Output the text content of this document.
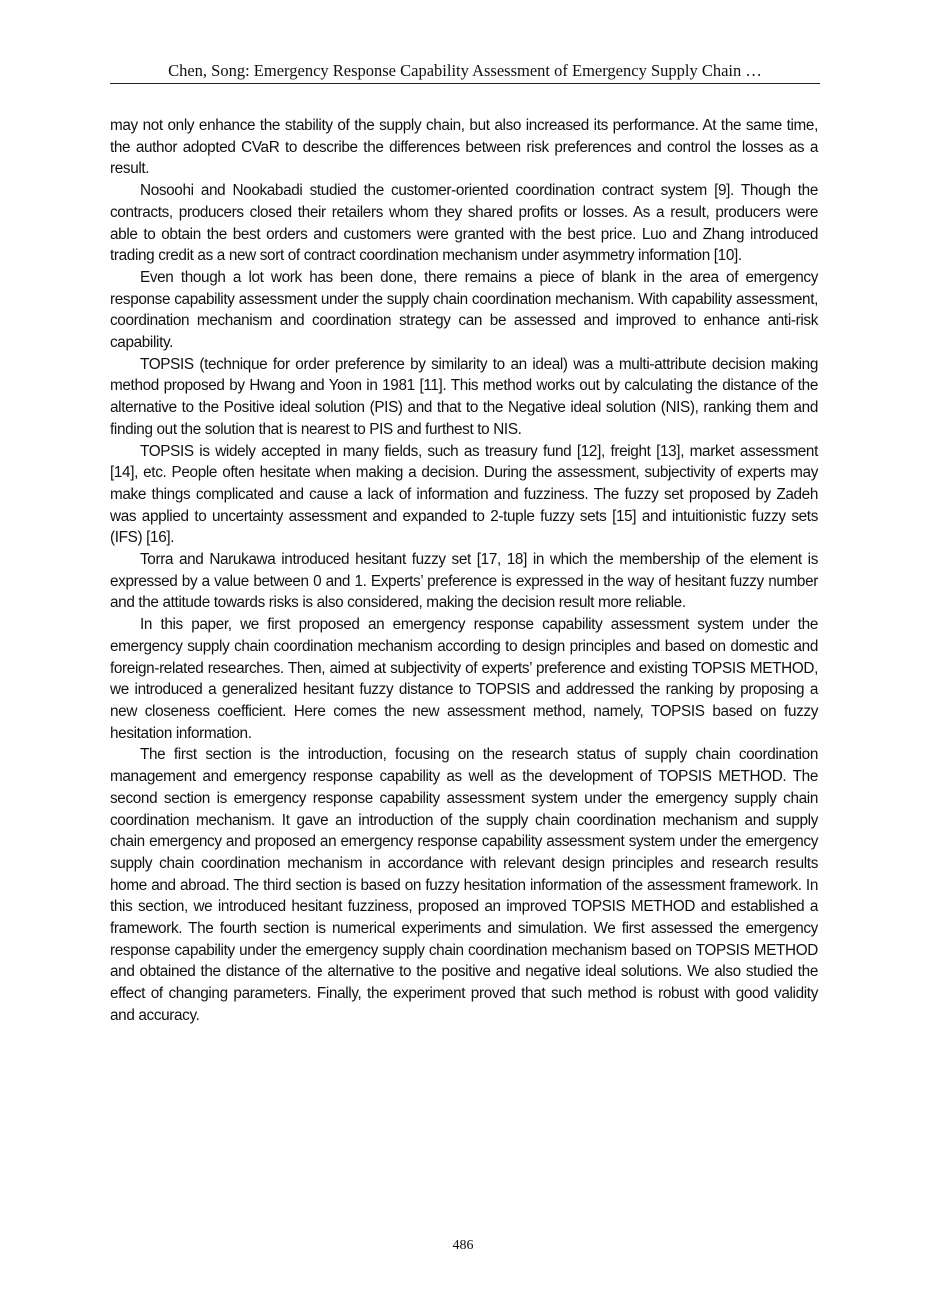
Chen, Song: Emergency Response Capability Assessment of Emergency Supply Chain …

may not only enhance the stability of the supply chain, but also increased its performance. At the same time, the author adopted CVaR to describe the differences between risk preferences and control the losses as a result.

Nosoohi and Nookabadi studied the customer-oriented coordination contract system [9]. Though the contracts, producers closed their retailers whom they shared profits or losses. As a result, producers were able to obtain the best orders and customers were granted with the best price. Luo and Zhang introduced trading credit as a new sort of contract coordination mechanism under asymmetry information [10].

Even though a lot work has been done, there remains a piece of blank in the area of emergency response capability assessment under the supply chain coordination mechanism. With capability assessment, coordination mechanism and coordination strategy can be assessed and improved to enhance anti-risk capability.

TOPSIS (technique for order preference by similarity to an ideal) was a multi-attribute decision making method proposed by Hwang and Yoon in 1981 [11]. This method works out by calculating the distance of the alternative to the Positive ideal solution (PIS) and that to the Negative ideal solution (NIS), ranking them and finding out the solution that is nearest to PIS and furthest to NIS.

TOPSIS is widely accepted in many fields, such as treasury fund [12], freight [13], market assessment [14], etc. People often hesitate when making a decision. During the assessment, subjectivity of experts may make things complicated and cause a lack of information and fuzziness. The fuzzy set proposed by Zadeh was applied to uncertainty assessment and expanded to 2-tuple fuzzy sets [15] and intuitionistic fuzzy sets (IFS) [16].

Torra and Narukawa introduced hesitant fuzzy set [17, 18] in which the membership of the element is expressed by a value between 0 and 1. Experts’ preference is expressed in the way of hesitant fuzzy number and the attitude towards risks is also considered, making the decision result more reliable.

In this paper, we first proposed an emergency response capability assessment system under the emergency supply chain coordination mechanism according to design principles and based on domestic and foreign-related researches. Then, aimed at subjectivity of experts’ preference and existing TOPSIS METHOD, we introduced a generalized hesitant fuzzy distance to TOPSIS and addressed the ranking by proposing a new closeness coefficient. Here comes the new assessment method, namely, TOPSIS based on fuzzy hesitation information.

The first section is the introduction, focusing on the research status of supply chain coordination management and emergency response capability as well as the development of TOPSIS METHOD. The second section is emergency response capability assessment system under the emergency supply chain coordination mechanism. It gave an introduction of the supply chain coordination mechanism and supply chain emergency and proposed an emergency response capability assessment system under the emergency supply chain coordination mechanism in accordance with relevant design principles and research results home and abroad. The third section is based on fuzzy hesitation information of the assessment framework. In this section, we introduced hesitant fuzziness, proposed an improved TOPSIS METHOD and established a framework. The fourth section is numerical experiments and simulation. We first assessed the emergency response capability under the emergency supply chain coordination mechanism based on TOPSIS METHOD and obtained the distance of the alternative to the positive and negative ideal solutions. We also studied the effect of changing parameters. Finally, the experiment proved that such method is robust with good validity and accuracy.

486
